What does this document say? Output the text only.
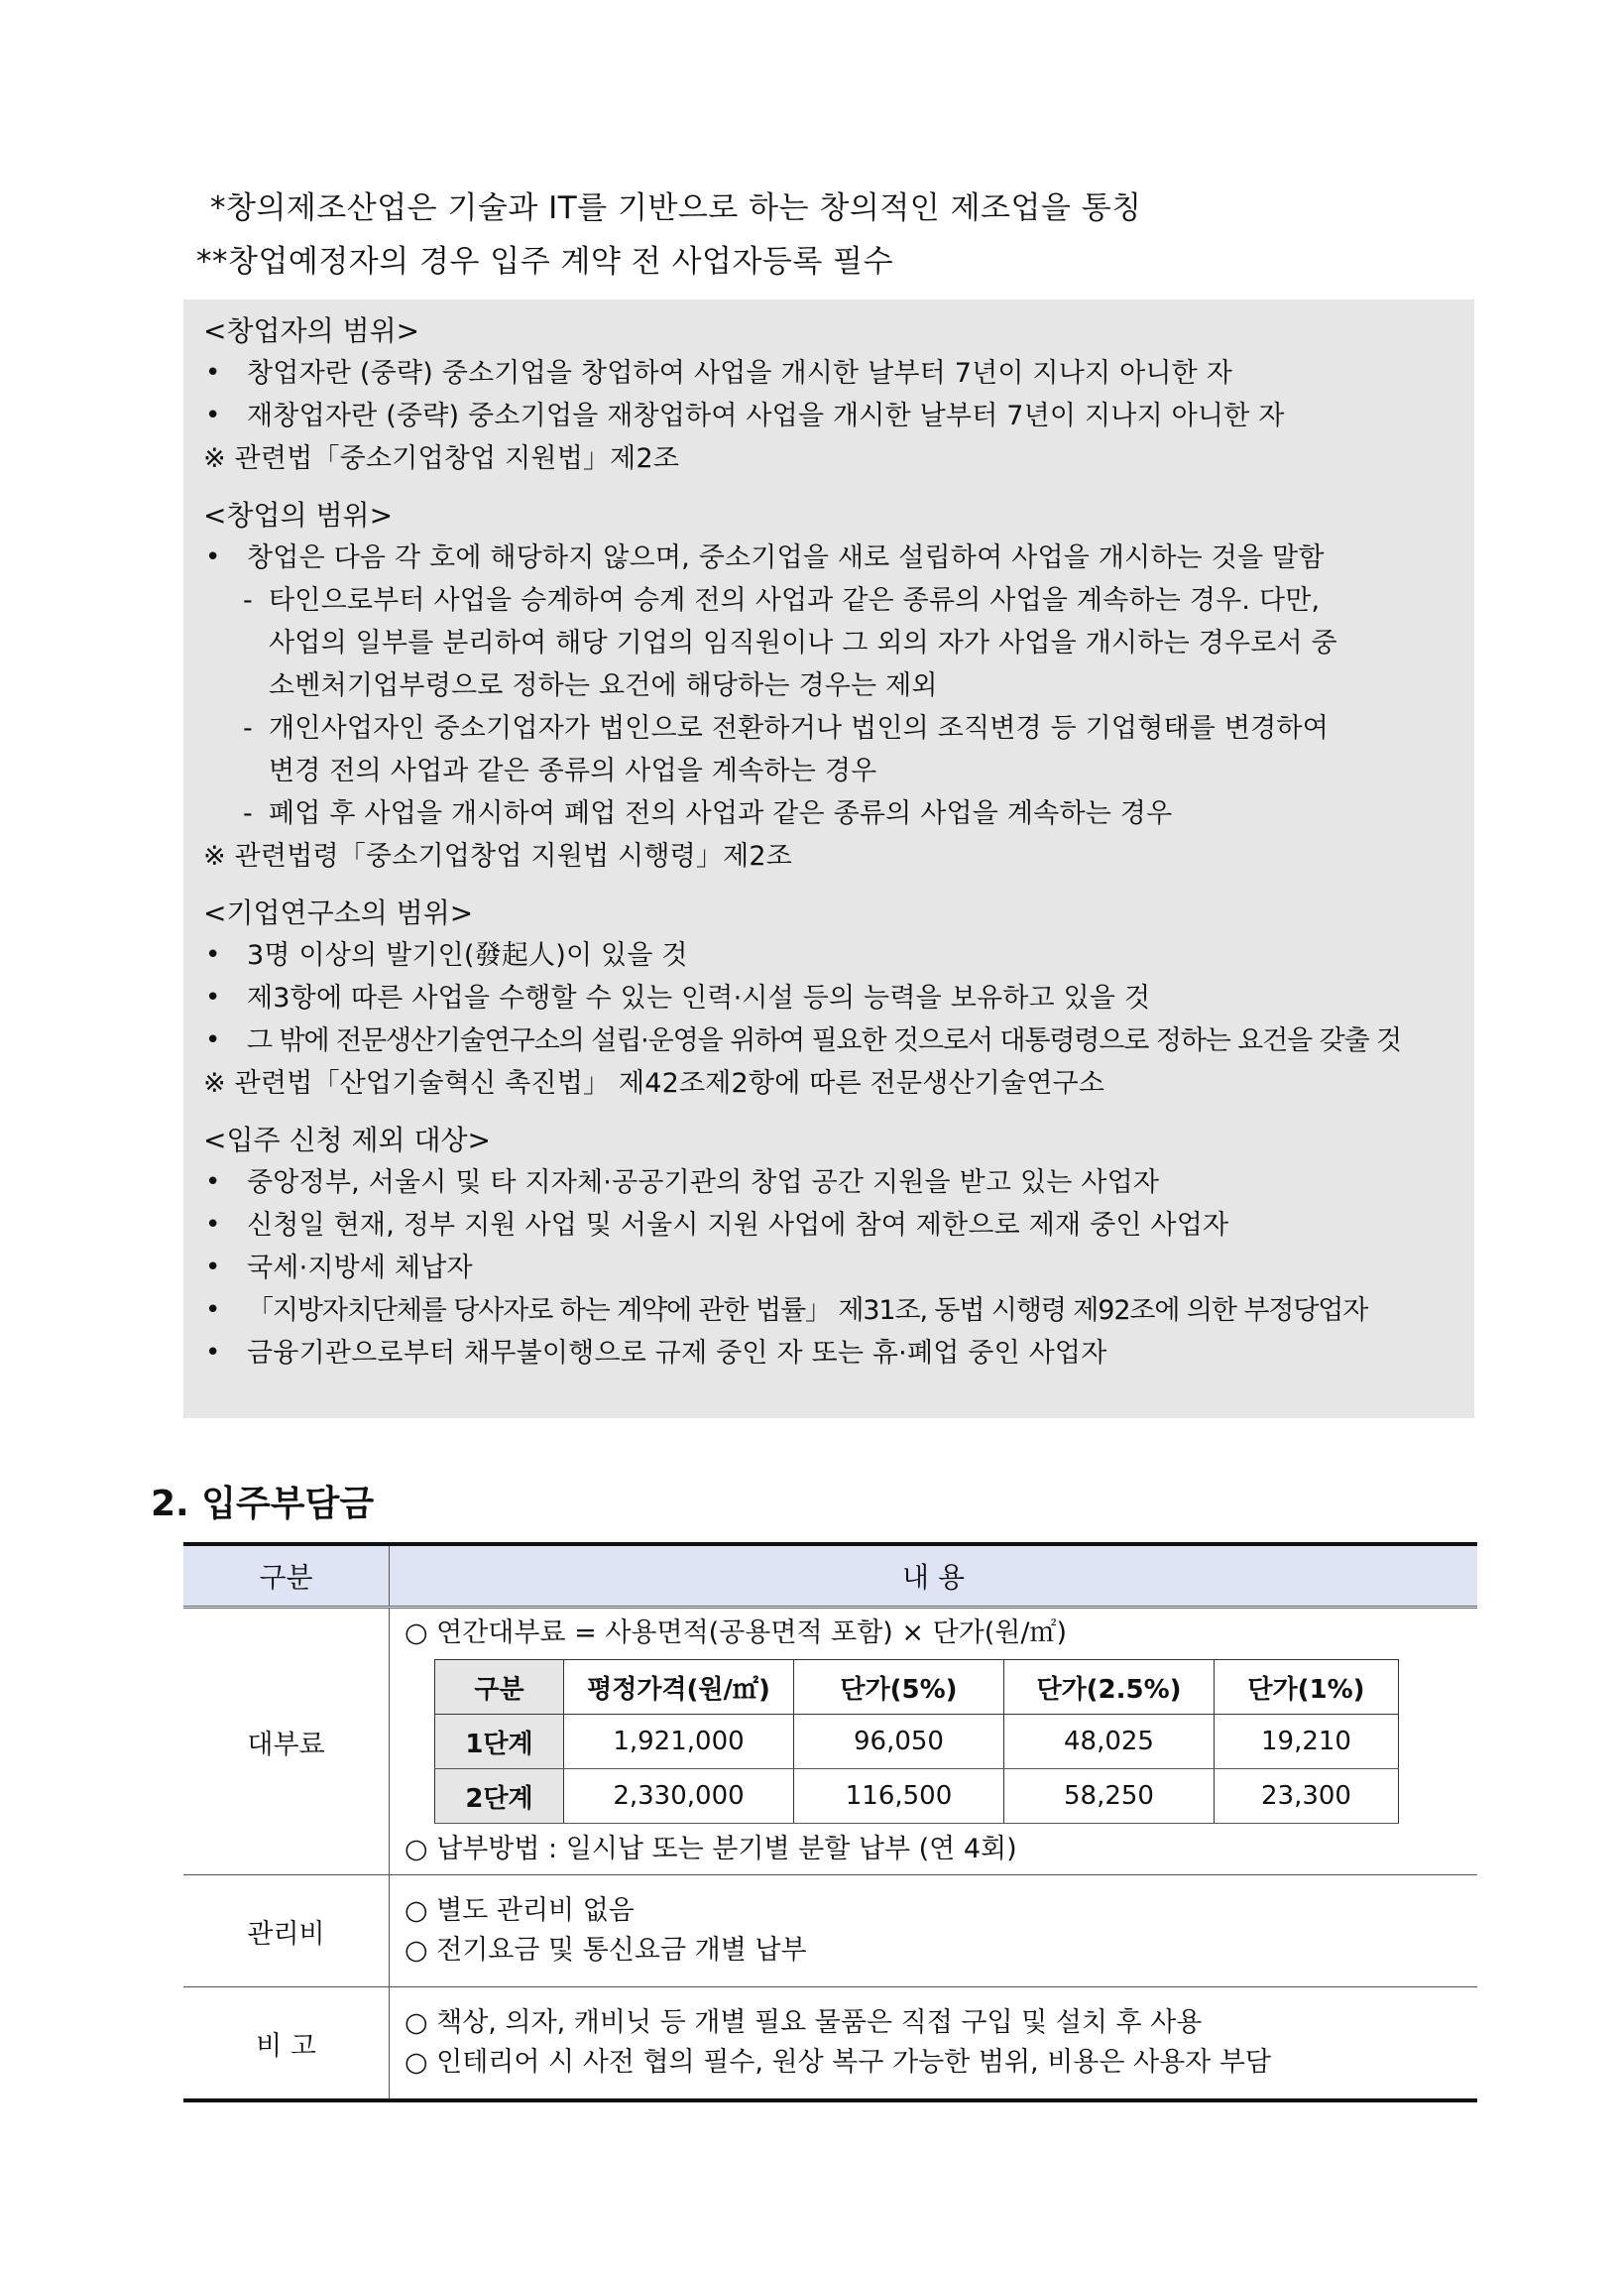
*창의제조산업은 기술과 IT를 기반으로 하는 창의적인 제조업을 통칭
**창업예정자의 경우 입주 계약 전 사업자등록 필수
<창업자의 범위>
• 창업자란 (중략) 중소기업을 창업하여 사업을 개시한 날부터 7년이 지나지 아니한 자
• 재창업자란 (중략) 중소기업을 재창업하여 사업을 개시한 날부터 7년이 지나지 아니한 자
※ 관련법「중소기업창업 지원법」제2조
<창업의 범위>
• 창업은 다음 각 호에 해당하지 않으며, 중소기업을 새로 설립하여 사업을 개시하는 것을 말함
- 타인으로부터 사업을 승계하여 승계 전의 사업과 같은 종류의 사업을 계속하는 경우. 다만,
사업의 일부를 분리하여 해당 기업의 임직원이나 그 외의 자가 사업을 개시하는 경우로서 중
소벤처기업부령으로 정하는 요건에 해당하는 경우는 제외
- 개인사업자인 중소기업자가 법인으로 전환하거나 법인의 조직변경 등 기업형태를 변경하여
변경 전의 사업과 같은 종류의 사업을 계속하는 경우
- 폐업 후 사업을 개시하여 폐업 전의 사업과 같은 종류의 사업을 계속하는 경우
※ 관련법령「중소기업창업 지원법 시행령」제2조
<기업연구소의 범위>
• 3명 이상의 발기인(發起人)이 있을 것
• 제3항에 따른 사업을 수행할 수 있는 인력·시설 등의 능력을 보유하고 있을 것
• 그 밖에 전문생산기술연구소의 설립·운영을 위하여 필요한 것으로서 대통령령으로 정하는 요건을 갖출 것
※ 관련법「산업기술혁신 촉진법」 제42조제2항에 따른 전문생산기술연구소
<입주 신청 제외 대상>
• 중앙정부, 서울시 및 타 지자체·공공기관의 창업 공간 지원을 받고 있는 사업자
• 신청일 현재, 정부 지원 사업 및 서울시 지원 사업에 참여 제한으로 제재 중인 사업자
• 국세·지방세 체납자
• 「지방자치단체를 당사자로 하는 계약에 관한 법률」 제31조, 동법 시행령 제92조에 의한 부정당업자
• 금융기관으로부터 채무불이행으로 규제 중인 자 또는 휴·폐업 중인 사업자
2. 입주부담금
구분	내 용
대부료	
○ 연간대부료 = 사용면적(공용면적 포함) × 단가(원/㎡)
구분	평정가격(원/㎡)	단가(5%)	단가(2.5%)	단가(1%)
1단계	1,921,000	96,050	48,025	19,210
2단계	2,330,000	116,500	58,250	23,300
○ 납부방법 : 일시납 또는 분기별 분할 납부 (연 4회)

관리비	
○ 별도 관리비 없음
○ 전기요금 및 통신요금 개별 납부

비 고	
○ 책상, 의자, 캐비닛 등 개별 필요 물품은 직접 구입 및 설치 후 사용
○ 인테리어 시 사전 협의 필수, 원상 복구 가능한 범위, 비용은 사용자 부담
